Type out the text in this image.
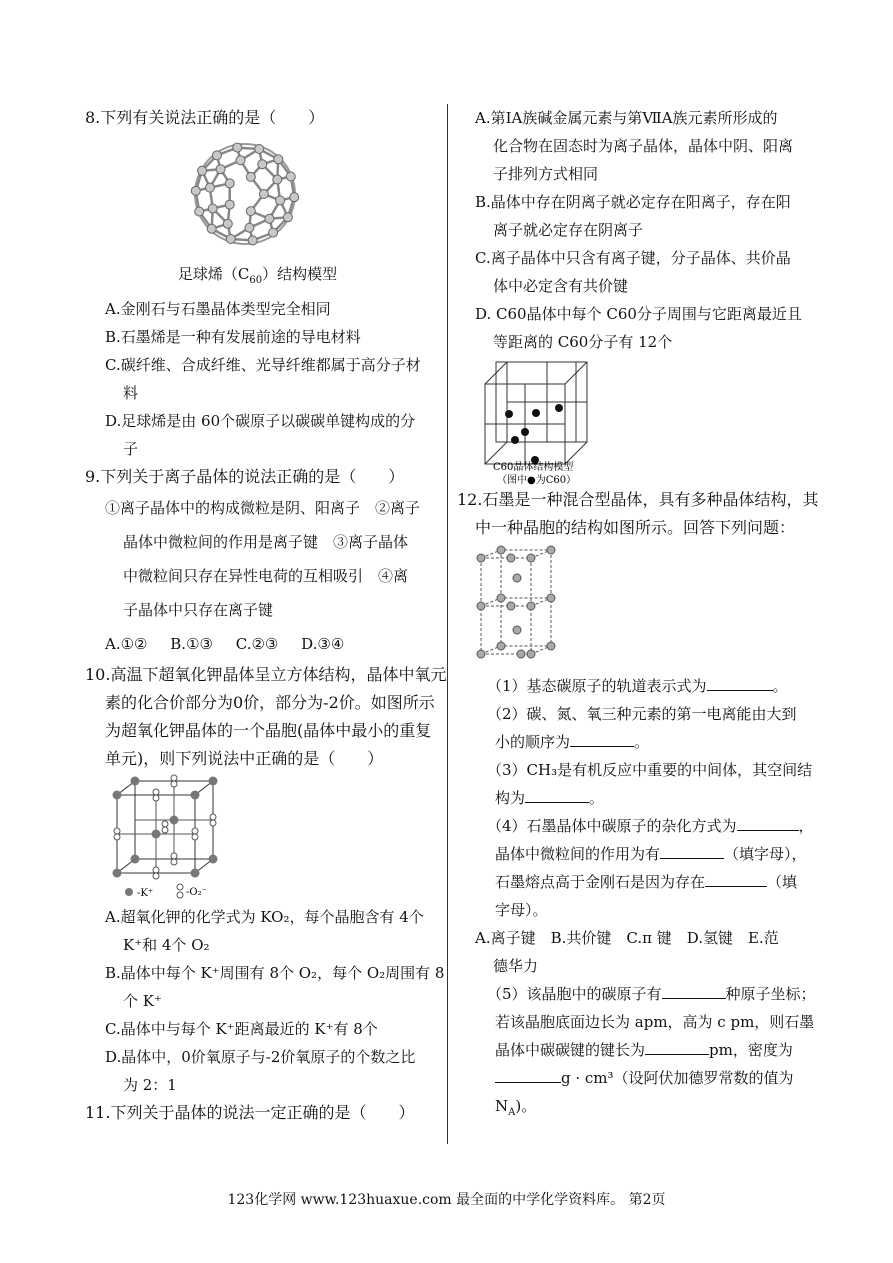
8.下列有关说法正确的是（　　）
足球烯$(C_{60})$结构模型
A.金刚石与石墨晶体类型完全相同
B.石墨烯是一种有发展前途的导电材料
C.碳纤维、合成纤维、光导纤维都属于高分子材
料
D.足球烯是由 60个碳原子以碳碳单键构成的分
子
9.下列关于离子晶体的说法正确的是（　　）
①离子晶体中的构成微粒是阴、阳离子　②离子
晶体中微粒间的作用是离子键　③离子晶体
中微粒间只存在异性电荷的互相吸引　④离
子晶体中只存在离子键
A.①② B.①③ C.②③ D.③④
10.高温下超氧化钾晶体呈立方体结构，晶体中氧元
素的化合价部分为0价，部分为-2价。如图所示
为超氧化钾晶体的一个晶胞(晶体中最小的重复
单元)，则下列说法中正确的是（　　）
-K⁺	-O₂⁻
A.超氧化钾的化学式为 KO₂，每个晶胞含有 4个
K⁺和 4个 O₂
B.晶体中每个 K⁺周围有 8个 O₂，每个 O₂周围有 8
个 K⁺
C.晶体中与每个 K⁺距离最近的 K⁺有 8个
D.晶体中，0价氧原子与-2价氧原子的个数之比
为 2：1
11.下列关于晶体的说法一定正确的是（　　）
A.第ⅠA族碱金属元素与第ⅦA族元素所形成的
化合物在固态时为离子晶体，晶体中阴、阳离
子排列方式相同
B.晶体中存在阴离子就必定存在阳离子，存在阳
离子就必定存在阴离子
C.离子晶体中只含有离子键，分子晶体、共价晶
体中必定含有共价键
D. C60晶体中每个 C60分子周围与它距离最近且
等距离的 C60分子有 12个
C60晶体结构模型
（图中●为C60）
12.石墨是一种混合型晶体，具有多种晶体结构，其
中一种晶胞的结构如图所示。回答下列问题：
（1）基态碳原子的轨道表示式为	。
（2）碳、氮、氧三种元素的第一电离能由大到
小的顺序为	。
（3）CH₃是有机反应中重要的中间体，其空间结
构为	。
（4）石墨晶体中碳原子的杂化方式为	，
晶体中微粒间的作用为有	（填字母），
石墨熔点高于金刚石是因为存在	（填
字母）。
A.离子键　B.共价键　C.π 键　D.氢键　E.范
德华力
（5）该晶胞中的碳原子有	种原子坐标；
若该晶胞底面边长为 apm，高为 c pm，则石墨
晶体中碳碳键的键长为	pm，密度为
g · cm³（设阿伏加德罗常数的值为
$N_A$)。
123化学网 www.123huaxue.com 最全面的中学化学资料库。 第2页
